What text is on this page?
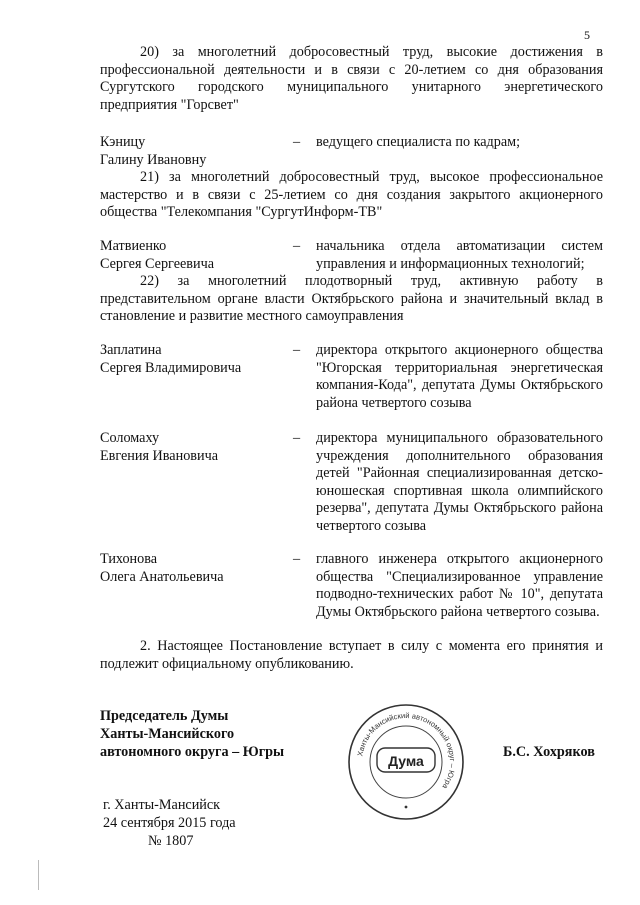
5
20) за многолетний добросовестный труд, высокие достижения в профессиональной деятельности и в связи с 20-летием со дня образования Сургутского городского муниципального унитарного энергетического предприятия "Горсвет"
Кэницу
Галину Ивановну
– ведущего специалиста по кадрам;
21) за многолетний добросовестный труд, высокое профессиональное мастерство и в связи с 25-летием со дня создания закрытого акционерного общества "Телекомпания "СургутИнформ-ТВ"
Матвиенко
Сергея Сергеевича
– начальника отдела автоматизации систем управления и информационных технологий;
22) за многолетний плодотворный труд, активную работу в представительном органе власти Октябрьского района и значительный вклад в становление и развитие местного самоуправления
Заплатина
Сергея Владимировича
– директора открытого акционерного общества "Югорская территориальная энергетическая компания-Кода", депутата Думы Октябрьского района четвертого созыва
Соломаху
Евгения Ивановича
– директора муниципального образовательного учреждения дополнительного образования детей "Районная специализированная детско-юношеская спортивная школа олимпийского резерва", депутата Думы Октябрьского района четвертого созыва
Тихонова
Олега Анатольевича
– главного инженера открытого акционерного общества "Специализированное управление подводно-технических работ № 10", депутата Думы Октябрьского района четвертого созыва.
2. Настоящее Постановление вступает в силу с момента его принятия и подлежит официальному опубликованию.
Председатель Думы
Ханты-Мансийского
автономного округа – Югры	Б.С. Хохряков
Ханты-Мансийский автономный округ – Югра
Дума
г. Ханты-Мансийск
24 сентября 2015 года
№ 1807
